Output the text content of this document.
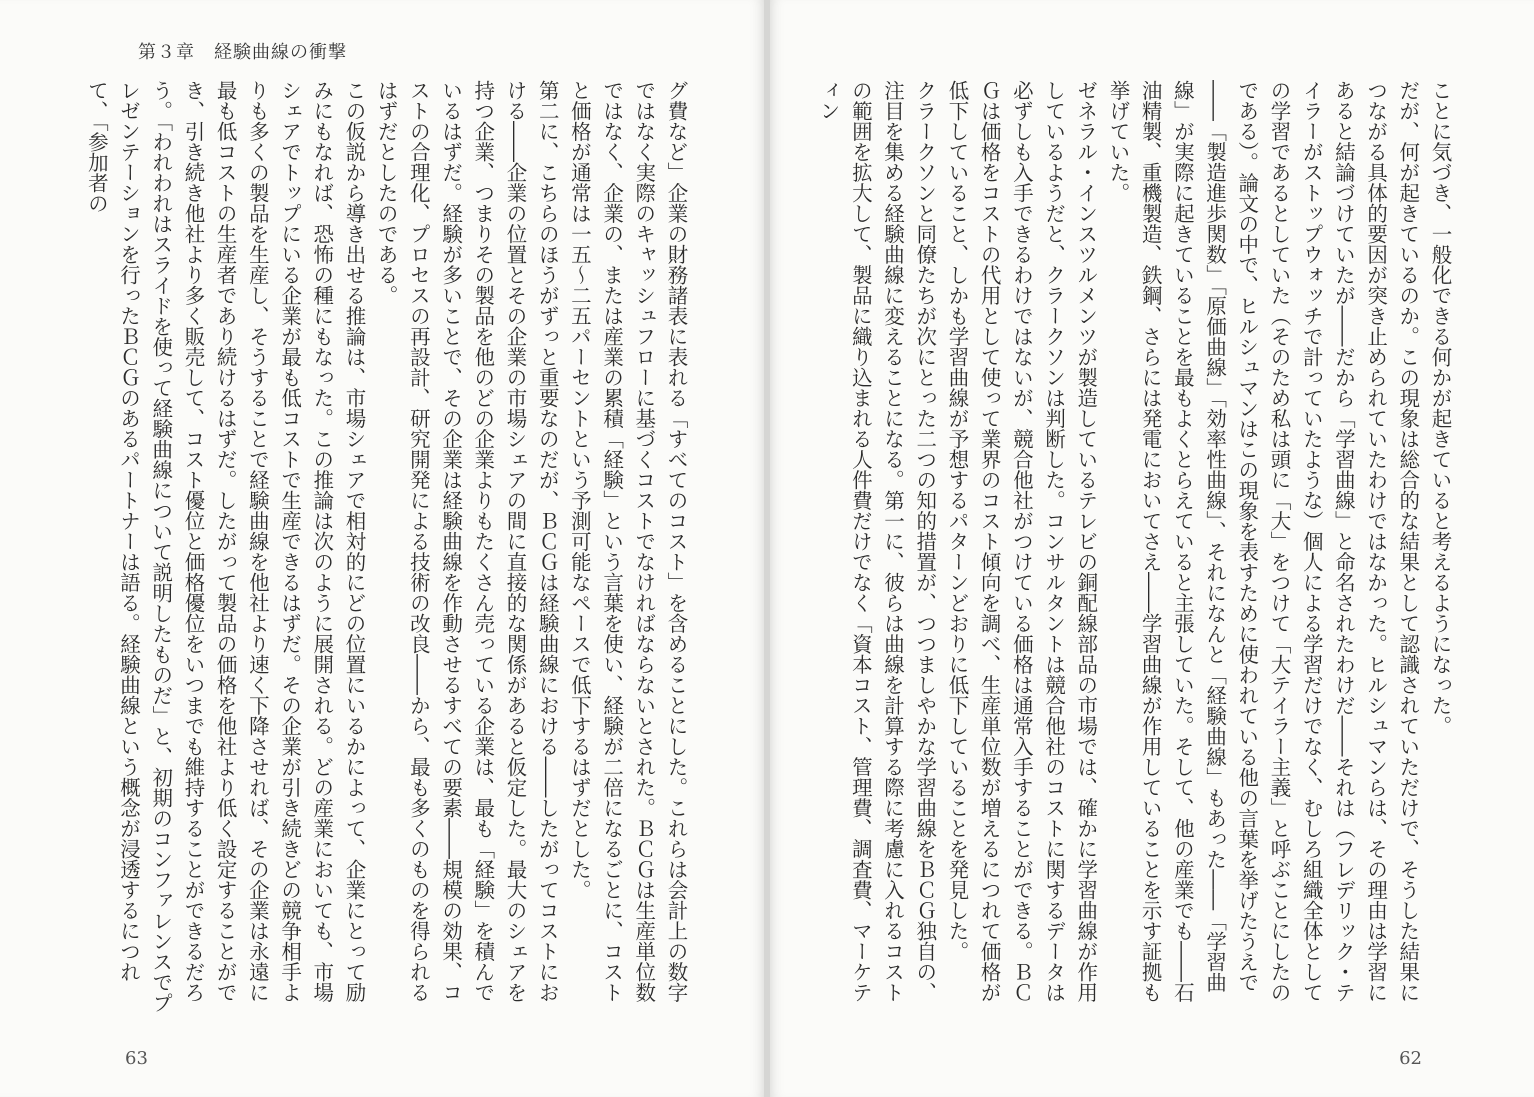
第３章　経験曲線の衝撃

グ費など」企業の財務諸表に表れる「すべてのコスト」を含めることにした。これらは会計上の数字ではなく実際のキャッシュフローに基づくコストでなければならないとされた。ＢＣＧは生産単位数ではなく、企業の、または産業の累積「経験」という言葉を使い、経験が二倍になるごとに、コストと価格が通常は一五〜二五パーセントという予測可能なペースで低下するはずだとした。

第二に、こちらのほうがずっと重要なのだが、ＢＣＧは経験曲線における――したがってコストにおける――企業の位置とその企業の市場シェアの間に直接的な関係があると仮定した。最大のシェアを持つ企業、つまりその製品を他のどの企業よりもたくさん売っている企業は、最も「経験」を積んでいるはずだ。経験が多いことで、その企業は経験曲線を作動させるすべての要素――規模の効果、コストの合理化、プロセスの再設計、研究開発による技術の改良――から、最も多くのものを得られるはずだとしたのである。

この仮説から導き出せる推論は、市場シェアで相対的にどの位置にいるかによって、企業にとって励みにもなれば、恐怖の種にもなった。この推論は次のように展開される。どの産業においても、市場シェアでトップにいる企業が最も低コストで生産できるはずだ。その企業が引き続きどの競争相手よりも多くの製品を生産し、そうすることで経験曲線を他社より速く下降させれば、その企業は永遠に最も低コストの生産者であり続けるはずだ。したがって製品の価格を他社より低く設定することができ、引き続き他社より多く販売して、コスト優位と価格優位をいつまでも維持することができるだろう。「われわれはスライドを使って経験曲線について説明したものだ」と、初期のコンファレンスでプレゼンテーションを行ったＢＣＧのあるパートナーは語る。経験曲線という概念が浸透するにつれて、「参加者の

63

ことに気づき、一般化できる何かが起きていると考えるようになった。

だが、何が起きているのか。この現象は総合的な結果として認識されていただけで、そうした結果につながる具体的要因が突き止められていたわけではなかった。ヒルシュマンらは、その理由は学習にあると結論づけていたが――だから「学習曲線」と命名されたわけだ――それは（フレデリック・テイラーがストップウォッチで計っていたような）個人による学習だけでなく、むしろ組織全体としての学習であるとしていた（そのため私は頭に「大」をつけて「大テイラー主義」と呼ぶことにしたのである）。論文の中で、ヒルシュマンはこの現象を表すために使われている他の言葉を挙げたうえで――「製造進歩関数」「原価曲線」「効率性曲線」、それになんと「経験曲線」もあった――「学習曲線」が実際に起きていることを最もよくとらえていると主張していた。そして、他の産業でも――石油精製、重機製造、鉄鋼、さらには発電においてさえ――学習曲線が作用していることを示す証拠も挙げていた。

ゼネラル・インスツルメンツが製造しているテレビの銅配線部品の市場では、確かに学習曲線が作用しているようだと、クラークソンは判断した。コンサルタントは競合他社のコストに関するデータは必ずしも入手できるわけではないが、競合他社がつけている価格は通常入手することができる。ＢＣＧは価格をコストの代用として使って業界のコスト傾向を調べ、生産単位数が増えるにつれて価格が低下していること、しかも学習曲線が予想するパターンどおりに低下していることを発見した。

クラークソンと同僚たちが次にとった二つの知的措置が、つつましやかな学習曲線をＢＣＧ独自の、注目を集める経験曲線に変えることになる。第一に、彼らは曲線を計算する際に考慮に入れるコストの範囲を拡大して、製品に織り込まれる人件費だけでなく「資本コスト、管理費、調査費、マーケティン

62
